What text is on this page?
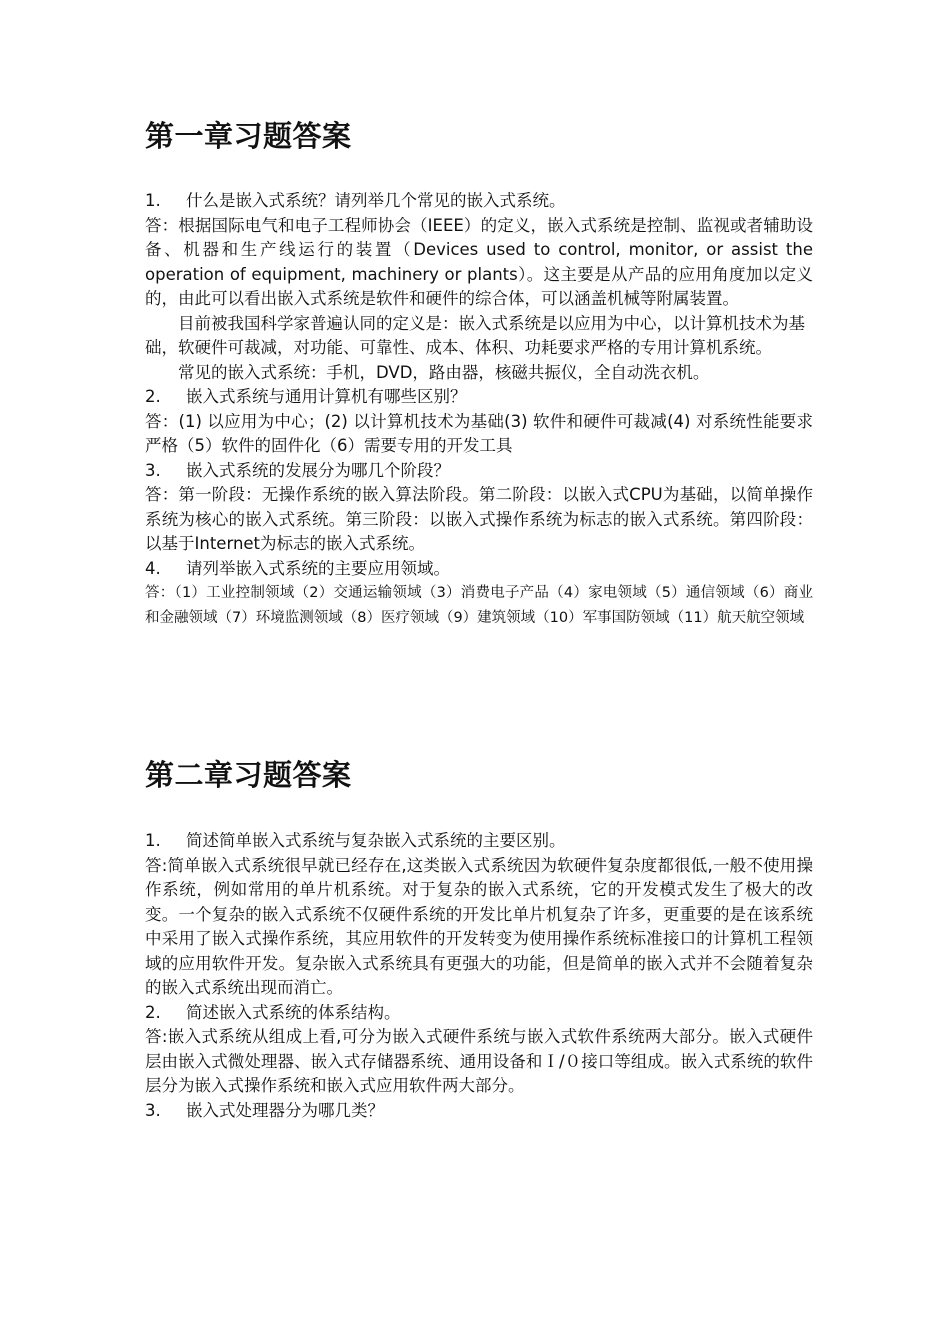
第一章习题答案
1. 什么是嵌入式系统？请列举几个常见的嵌入式系统。
答：根据国际电气和电子工程师协会（IEEE）的定义，嵌入式系统是控制、监视或者辅助设备、机器和生产线运行的装置（Devices used to control, monitor, or assist the operation of equipment, machinery or plants）。这主要是从产品的应用角度加以定义的，由此可以看出嵌入式系统是软件和硬件的综合体，可以涵盖机械等附属装置。
目前被我国科学家普遍认同的定义是：嵌入式系统是以应用为中心，以计算机技术为基础，软硬件可裁减，对功能、可靠性、成本、体积、功耗要求严格的专用计算机系统。
常见的嵌入式系统：手机，DVD，路由器，核磁共振仪，全自动洗衣机。
2. 嵌入式系统与通用计算机有哪些区别？
答：(1) 以应用为中心；(2) 以计算机技术为基础(3) 软件和硬件可裁减(4) 对系统性能要求严格（5）软件的固件化（6）需要专用的开发工具
3. 嵌入式系统的发展分为哪几个阶段？
答：第一阶段：无操作系统的嵌入算法阶段。第二阶段：以嵌入式CPU为基础，以简单操作系统为核心的嵌入式系统。第三阶段：以嵌入式操作系统为标志的嵌入式系统。第四阶段：以基于Internet为标志的嵌入式系统。
4. 请列举嵌入式系统的主要应用领域。
答：（1）工业控制领域（2）交通运输领域（3）消费电子产品（4）家电领域（5）通信领域（6）商业和金融领域（7）环境监测领域（8）医疗领域（9）建筑领域（10）军事国防领域（11）航天航空领域
第二章习题答案
1. 简述简单嵌入式系统与复杂嵌入式系统的主要区别。
答:简单嵌入式系统很早就已经存在,这类嵌入式系统因为软硬件复杂度都很低,一般不使用操作系统，例如常用的单片机系统。对于复杂的嵌入式系统，它的开发模式发生了极大的改变。一个复杂的嵌入式系统不仅硬件系统的开发比单片机复杂了许多，更重要的是在该系统中采用了嵌入式操作系统，其应用软件的开发转变为使用操作系统标准接口的计算机工程领域的应用软件开发。复杂嵌入式系统具有更强大的功能，但是简单的嵌入式并不会随着复杂的嵌入式系统出现而消亡。
2. 简述嵌入式系统的体系结构。
答:嵌入式系统从组成上看,可分为嵌入式硬件系统与嵌入式软件系统两大部分。嵌入式硬件层由嵌入式微处理器、嵌入式存储器系统、通用设备和Ｉ/０接口等组成。嵌入式系统的软件层分为嵌入式操作系统和嵌入式应用软件两大部分。
3. 嵌入式处理器分为哪几类？
